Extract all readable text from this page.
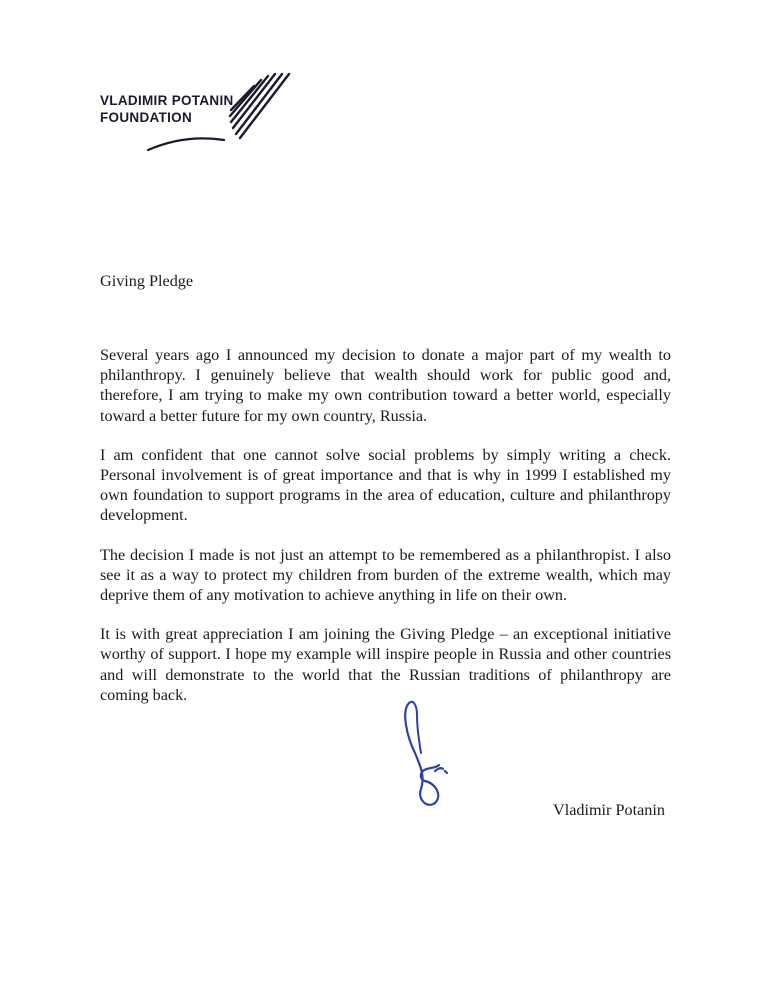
VLADIMIR POTANIN
FOUNDATION
Giving Pledge

Several years ago I announced my decision to donate a major part of my wealth to philanthropy. I genuinely believe that wealth should work for public good and, therefore, I am trying to make my own contribution toward a better world, especially toward a better future for my own country, Russia.

I am confident that one cannot solve social problems by simply writing a check. Personal involvement is of great importance and that is why in 1999 I established my own foundation to support programs in the area of education, culture and philanthropy development.

The decision I made is not just an attempt to be remembered as a philanthropist. I also see it as a way to protect my children from burden of the extreme wealth, which may deprive them of any motivation to achieve anything in life on their own.

It is with great appreciation I am joining the Giving Pledge – an exceptional initiative worthy of support. I hope my example will inspire people in Russia and other countries and will demonstrate to the world that the Russian traditions of philanthropy are coming back.

Vladimir Potanin
